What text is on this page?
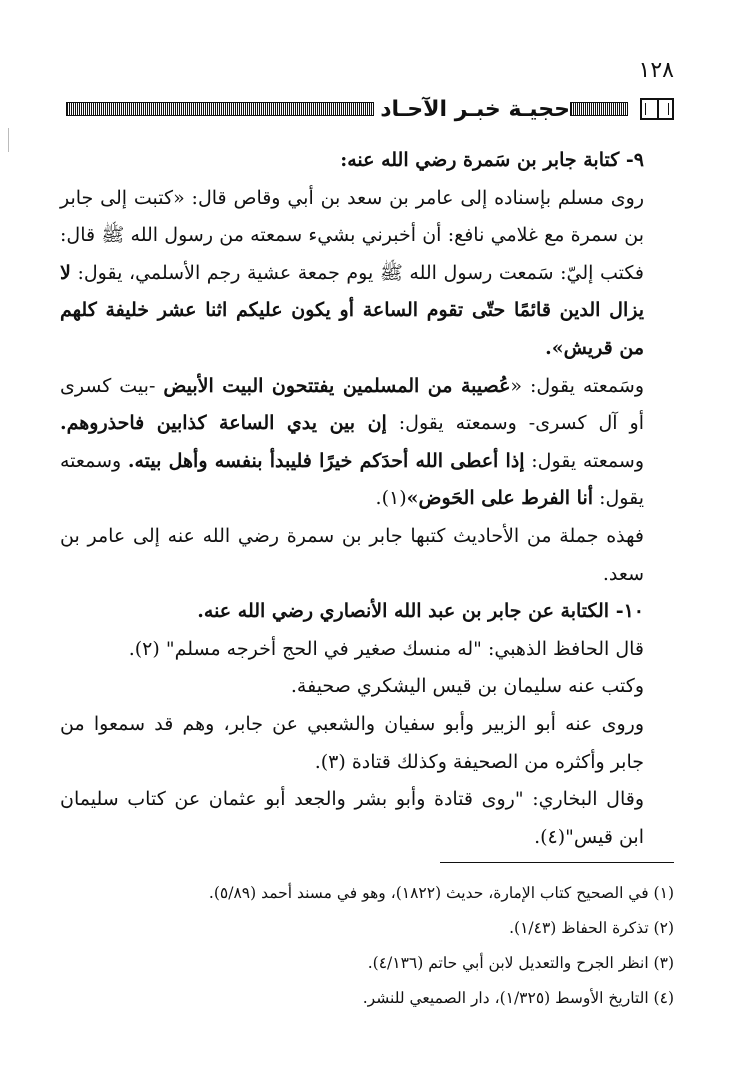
١٢٨
حجيـة خبـر الآحـاد

٩- كتابة جابر بن سَمرة رضي الله عنه:

روى مسلم بإسناده إلى عامر بن سعد بن أبي وقاص قال: «كتبت إلى جابر بن سمرة مع غلامي نافع: أن أخبرني بشيء سمعته من رسول الله ﷺ قال: فكتب إليّ: سَمعت رسول الله ﷺ يوم جمعة عشية رجم الأسلمي، يقول: لا يزال الدين قائمًا حتّى تقوم الساعة أو يكون عليكم اثنا عشر خليفة كلهم من قريش».

وسَمعته يقول: «عُصيبة من المسلمين يفتتحون البيت الأبيض -بيت كسرى أو آل كسرى- وسمعته يقول: إن بين يدي الساعة كذابين فاحذروهم. وسمعته يقول: إذا أعطى الله أحدَكم خيرًا فليبدأ بنفسه وأهل بيته. وسمعته يقول: أنا الفرط على الحَوض»(١).

فهذه جملة من الأحاديث كتبها جابر بن سمرة رضي الله عنه إلى عامر بن سعد.

١٠- الكتابة عن جابر بن عبد الله الأنصاري رضي الله عنه.

قال الحافظ الذهبي: "له منسك صغير في الحج أخرجه مسلم" (٢).

وكتب عنه سليمان بن قيس اليشكري صحيفة.

وروى عنه أبو الزبير وأبو سفيان والشعبي عن جابر، وهم قد سمعوا من جابر وأكثره من الصحيفة وكذلك قتادة (٣).

وقال البخاري: "روى قتادة وأبو بشر والجعد أبو عثمان عن كتاب سليمان ابن قيس"(٤).

(١) في الصحيح كتاب الإمارة، حديث (١٨٢٢)، وهو في مسند أحمد (٥/٨٩).
(٢) تذكرة الحفاظ (١/٤٣).
(٣) انظر الجرح والتعديل لابن أبي حاتم (٤/١٣٦).
(٤) التاريخ الأوسط (١/٣٢٥)، دار الصميعي للنشر.
